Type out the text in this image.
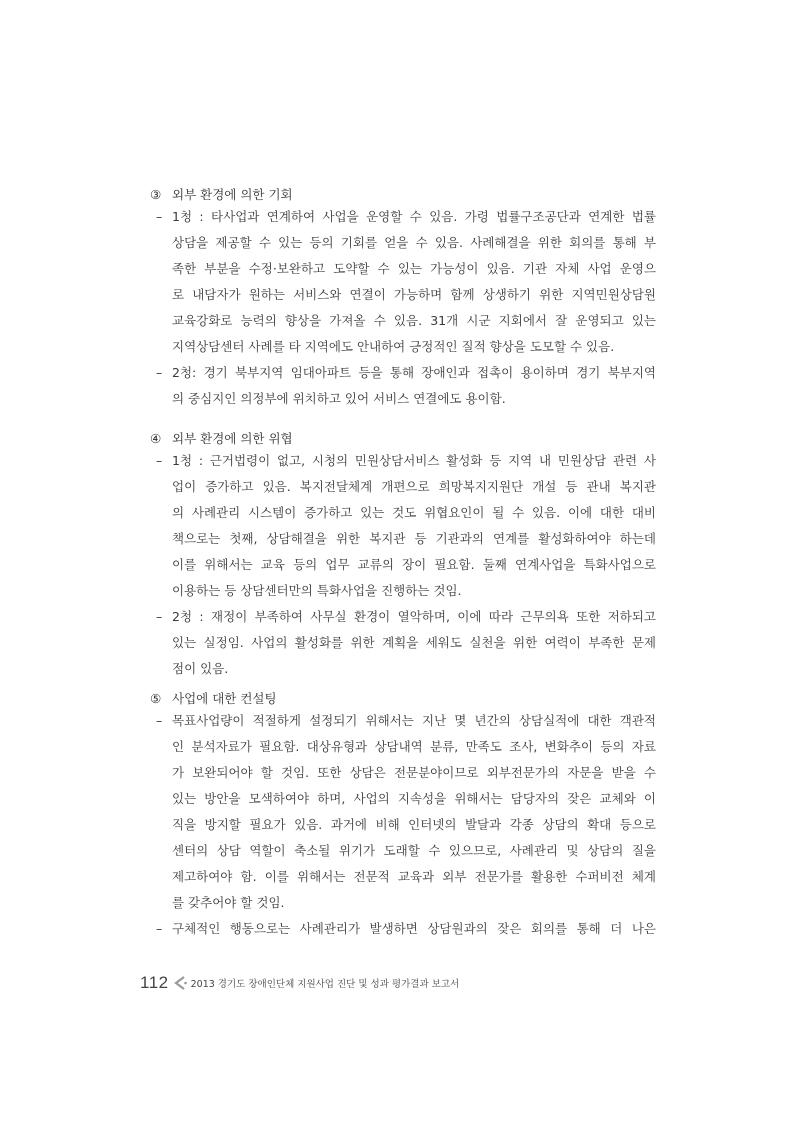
③ 외부 환경에 의한 기회
– 1청 : 타사업과 연계하여 사업을 운영할 수 있음. 가령 법률구조공단과 연계한 법률
상담을 제공할 수 있는 등의 기회를 얻을 수 있음. 사례해결을 위한 회의를 통해 부
족한 부분을 수정·보완하고 도약할 수 있는 가능성이 있음. 기관 자체 사업 운영으
로 내담자가 원하는 서비스와 연결이 가능하며 함께 상생하기 위한 지역민원상담원
교육강화로 능력의 향상을 가져올 수 있음. 31개 시군 지회에서 잘 운영되고 있는
지역상담센터 사례를 타 지역에도 안내하여 긍정적인 질적 향상을 도모할 수 있음.
– 2청: 경기 북부지역 임대아파트 등을 통해 장애인과 접촉이 용이하며 경기 북부지역
의 중심지인 의정부에 위치하고 있어 서비스 연결에도 용이함.
④ 외부 환경에 의한 위협
– 1청 : 근거법령이 없고, 시청의 민원상담서비스 활성화 등 지역 내 민원상담 관련 사
업이 증가하고 있음. 복지전달체계 개편으로 희망복지지원단 개설 등 관내 복지관
의 사례관리 시스템이 증가하고 있는 것도 위협요인이 될 수 있음. 이에 대한 대비
책으로는 첫째, 상담해결을 위한 복지관 등 기관과의 연계를 활성화하여야 하는데
이를 위해서는 교육 등의 업무 교류의 장이 필요함. 둘째 연계사업을 특화사업으로
이용하는 등 상담센터만의 특화사업을 진행하는 것임.
– 2청 : 재정이 부족하여 사무실 환경이 열악하며, 이에 따라 근무의욕 또한 저하되고
있는 실정임. 사업의 활성화를 위한 계획을 세워도 실천을 위한 여력이 부족한 문제
점이 있음.
⑤ 사업에 대한 컨설팅
– 목표사업량이 적절하게 설정되기 위해서는 지난 몇 년간의 상담실적에 대한 객관적
인 분석자료가 필요함. 대상유형과 상담내역 분류, 만족도 조사, 변화추이 등의 자료
가 보완되어야 할 것임. 또한 상담은 전문분야이므로 외부전문가의 자문을 받을 수
있는 방안을 모색하여야 하며, 사업의 지속성을 위해서는 담당자의 잦은 교체와 이
직을 방지할 필요가 있음. 과거에 비해 인터넷의 발달과 각종 상담의 확대 등으로
센터의 상담 역할이 축소될 위기가 도래할 수 있으므로, 사례관리 및 상담의 질을
제고하여야 함. 이를 위해서는 전문적 교육과 외부 전문가를 활용한 수퍼비전 체계
를 갖추어야 할 것임.
– 구체적인 행동으로는 사례관리가 발생하면 상담원과의 잦은 회의를 통해 더 나은
112 2013 경기도 장애인단체 지원사업 진단 및 성과 평가결과 보고서
